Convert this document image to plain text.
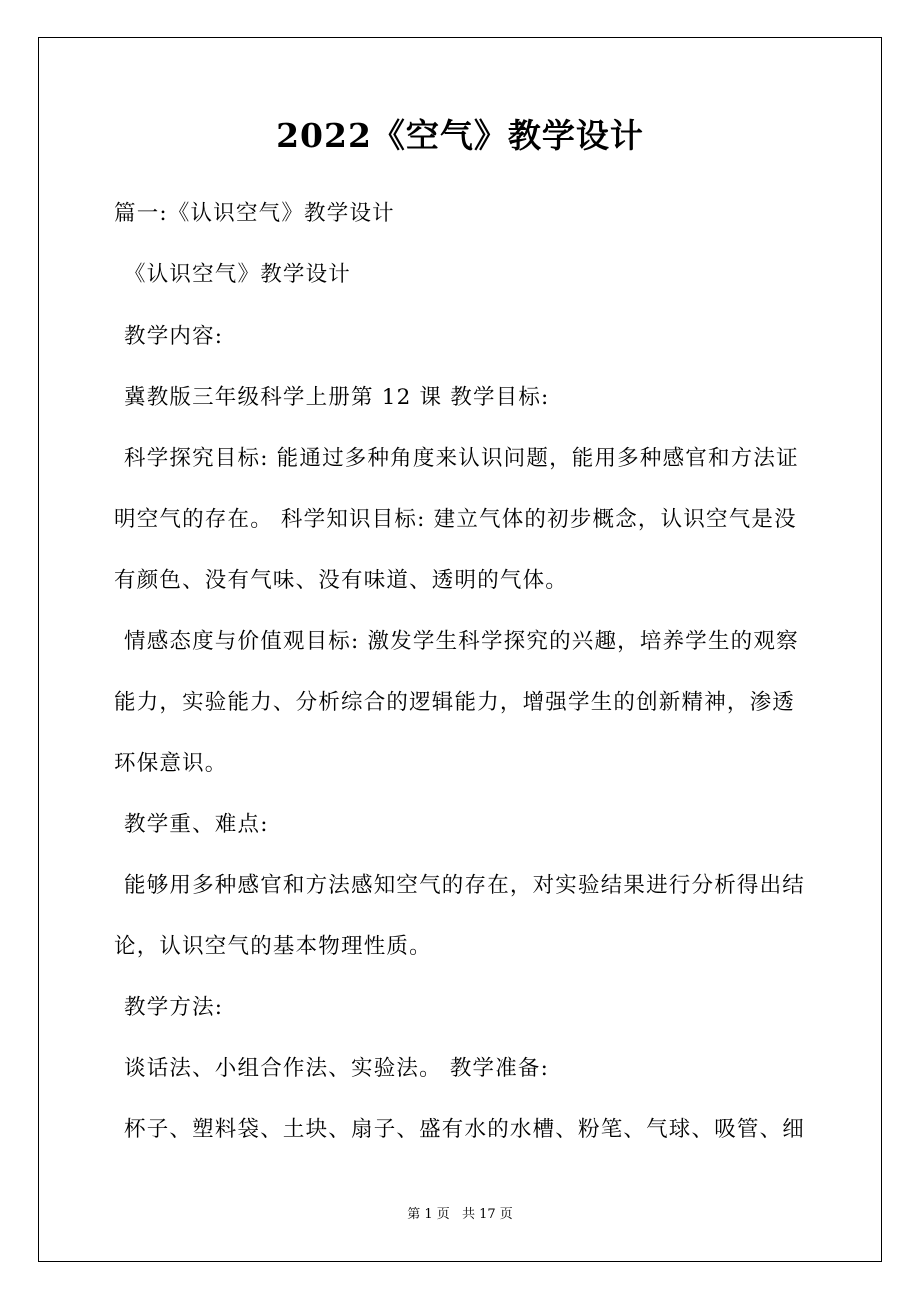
2022《空气》教学设计
篇一:《认识空气》教学设计
《认识空气》教学设计
教学内容:
冀教版三年级科学上册第 12 课 教学目标:
科学探究目标: 能通过多种角度来认识问题，能用多种感官和方法证
明空气的存在。 科学知识目标: 建立气体的初步概念，认识空气是没
有颜色、没有气味、没有味道、透明的气体。
情感态度与价值观目标: 激发学生科学探究的兴趣，培养学生的观察
能力，实验能力、分析综合的逻辑能力，增强学生的创新精神，渗透
环保意识。
教学重、难点:
能够用多种感官和方法感知空气的存在，对实验结果进行分析得出结
论，认识空气的基本物理性质。
教学方法:
谈话法、小组合作法、实验法。 教学准备:
杯子、塑料袋、土块、扇子、盛有水的水槽、粉笔、气球、吸管、细
第 1 页 共 17 页
